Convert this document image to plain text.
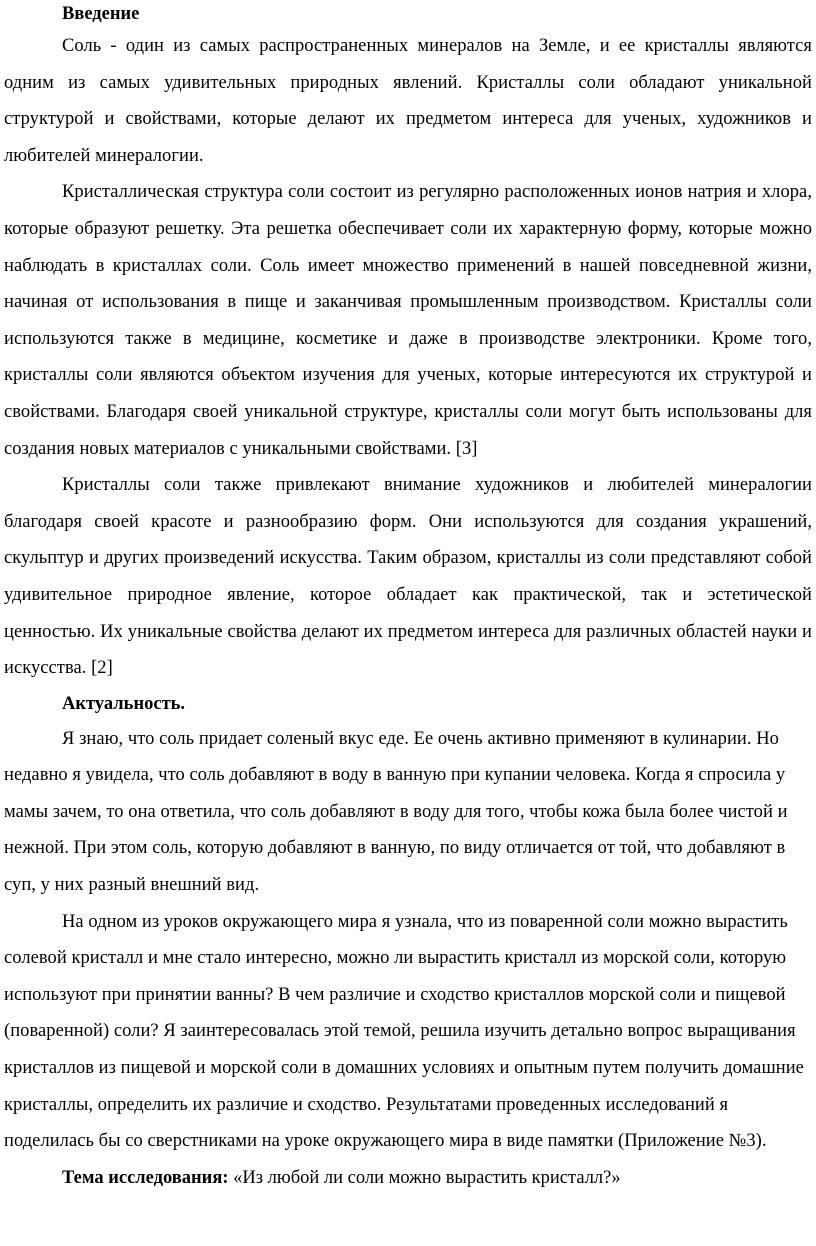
Введение

Соль - один из самых распространенных минералов на Земле, и ее кристаллы являются одним из самых удивительных природных явлений. Кристаллы соли обладают уникальной структурой и свойствами, которые делают их предметом интереса для ученых, художников и любителей минералогии.

Кристаллическая структура соли состоит из регулярно расположенных ионов натрия и хлора, которые образуют решетку. Эта решетка обеспечивает соли их характерную форму, которые можно наблюдать в кристаллах соли. Соль имеет множество применений в нашей повседневной жизни, начиная от использования в пище и заканчивая промышленным производством. Кристаллы соли используются также в медицине, косметике и даже в производстве электроники. Кроме того, кристаллы соли являются объектом изучения для ученых, которые интересуются их структурой и свойствами. Благодаря своей уникальной структуре, кристаллы соли могут быть использованы для создания новых материалов с уникальными свойствами. [3]

Кристаллы соли также привлекают внимание художников и любителей минералогии благодаря своей красоте и разнообразию форм. Они используются для создания украшений, скульптур и других произведений искусства. Таким образом, кристаллы из соли представляют собой удивительное природное явление, которое обладает как практической, так и эстетической ценностью. Их уникальные свойства делают их предметом интереса для различных областей науки и искусства. [2]

Актуальность.

Я знаю, что соль придает соленый вкус еде. Ее очень активно применяют в кулинарии. Но недавно я увидела, что соль добавляют в воду в ванную при купании человека. Когда я спросила у мамы зачем, то она ответила, что соль добавляют в воду для того, чтобы кожа была более чистой и нежной. При этом соль, которую добавляют в ванную, по виду отличается от той, что добавляют в суп, у них разный внешний вид.

На одном из уроков окружающего мира я узнала, что из поваренной соли можно вырастить солевой кристалл и мне стало интересно, можно ли вырастить кристалл из морской соли, которую используют при принятии ванны? В чем различие и сходство кристаллов морской соли и пищевой (поваренной) соли? Я заинтересовалась этой темой, решила изучить детально вопрос выращивания кристаллов из пищевой и морской соли в домашних условиях и опытным путем получить домашние кристаллы, определить их различие и сходство. Результатами проведенных исследований я поделилась бы со сверстниками на уроке окружающего мира в виде памятки (Приложение №3).

Тема исследования: «Из любой ли соли можно вырастить кристалл?»
